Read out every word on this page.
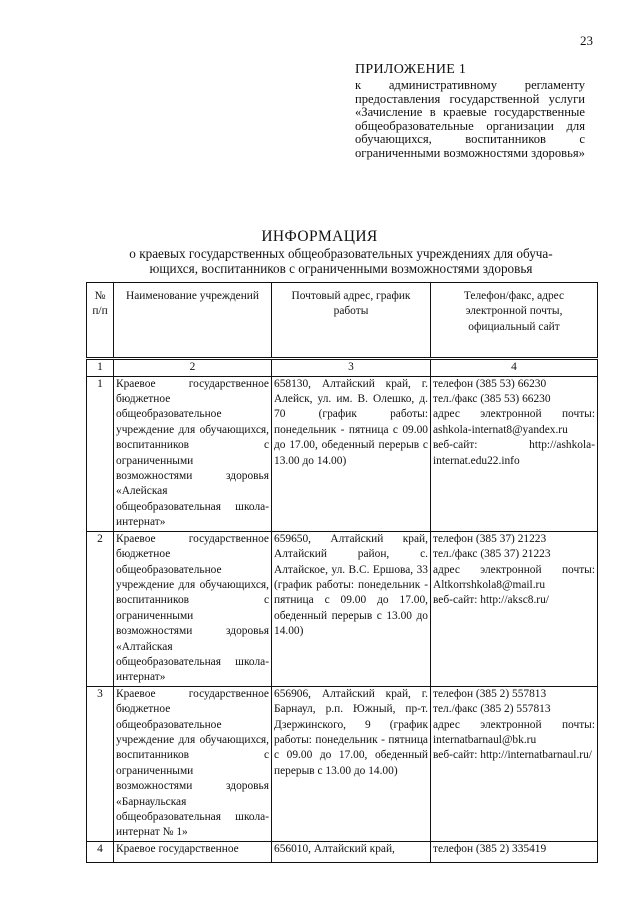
23
ПРИЛОЖЕНИЕ 1
к административному регламенту предоставления государственной услуги «Зачисление в краевые государственные общеобразовательные организации для обучающихся, воспитанников с ограниченными возможностями здоровья»
ИНФОРМАЦИЯ
о краевых государственных общеобразовательных учреждениях для обуча-
ющихся, воспитанников с ограниченными возможностями здоровья
№ п/п	Наименование учреждений	Почтовый адрес, график работы	Телефон/факс, адрес электронной почты, официальный сайт
1	2	3	4
1	Краевое государственное бюджетное общеобразовательное учреждение для обучающихся, воспитанников с ограниченными возможностями здоровья «Алейская общеобразовательная школа-интернат»	658130, Алтайский край, г. Алейск, ул. им. В. Олешко, д. 70 (график работы: понедельник - пятница с 09.00 до 17.00, обеденный перерыв с 13.00 до 14.00)	телефон (385 53) 66230
тел./факс (385 53) 66230
адрес электронной почты: ashkola-internat8@yandex.ru
веб-сайт: http://ashkola-internat.edu22.info

2	Краевое государственное бюджетное общеобразовательное учреждение для обучающихся, воспитанников с ограниченными возможностями здоровья «Алтайская общеобразовательная школа-интернат»	659650, Алтайский край, Алтайский район, с. Алтайское, ул. В.С. Ершова, 33 (график работы: понедельник - пятница с 09.00 до 17.00, обеденный перерыв с 13.00 до 14.00)	телефон (385 37) 21223
тел./факс (385 37) 21223
адрес электронной почты: Altkorrshkola8@mail.ru
веб-сайт: http://aksc8.ru/

3	Краевое государственное бюджетное общеобразовательное учреждение для обучающихся, воспитанников с ограниченными возможностями здоровья «Барнаульская общеобразовательная школа-интернат № 1»	656906, Алтайский край, г. Барнаул, р.п. Южный, пр-т. Дзержинского, 9 (график работы: понедельник - пятница с 09.00 до 17.00, обеденный перерыв с 13.00 до 14.00)	телефон (385 2) 557813
тел./факс (385 2) 557813
адрес электронной почты: internatbarnaul@bk.ru
веб-сайт: http://internatbarnaul.ru/

4	Краевое государственное	656010, Алтайский край,	телефон (385 2) 335419
